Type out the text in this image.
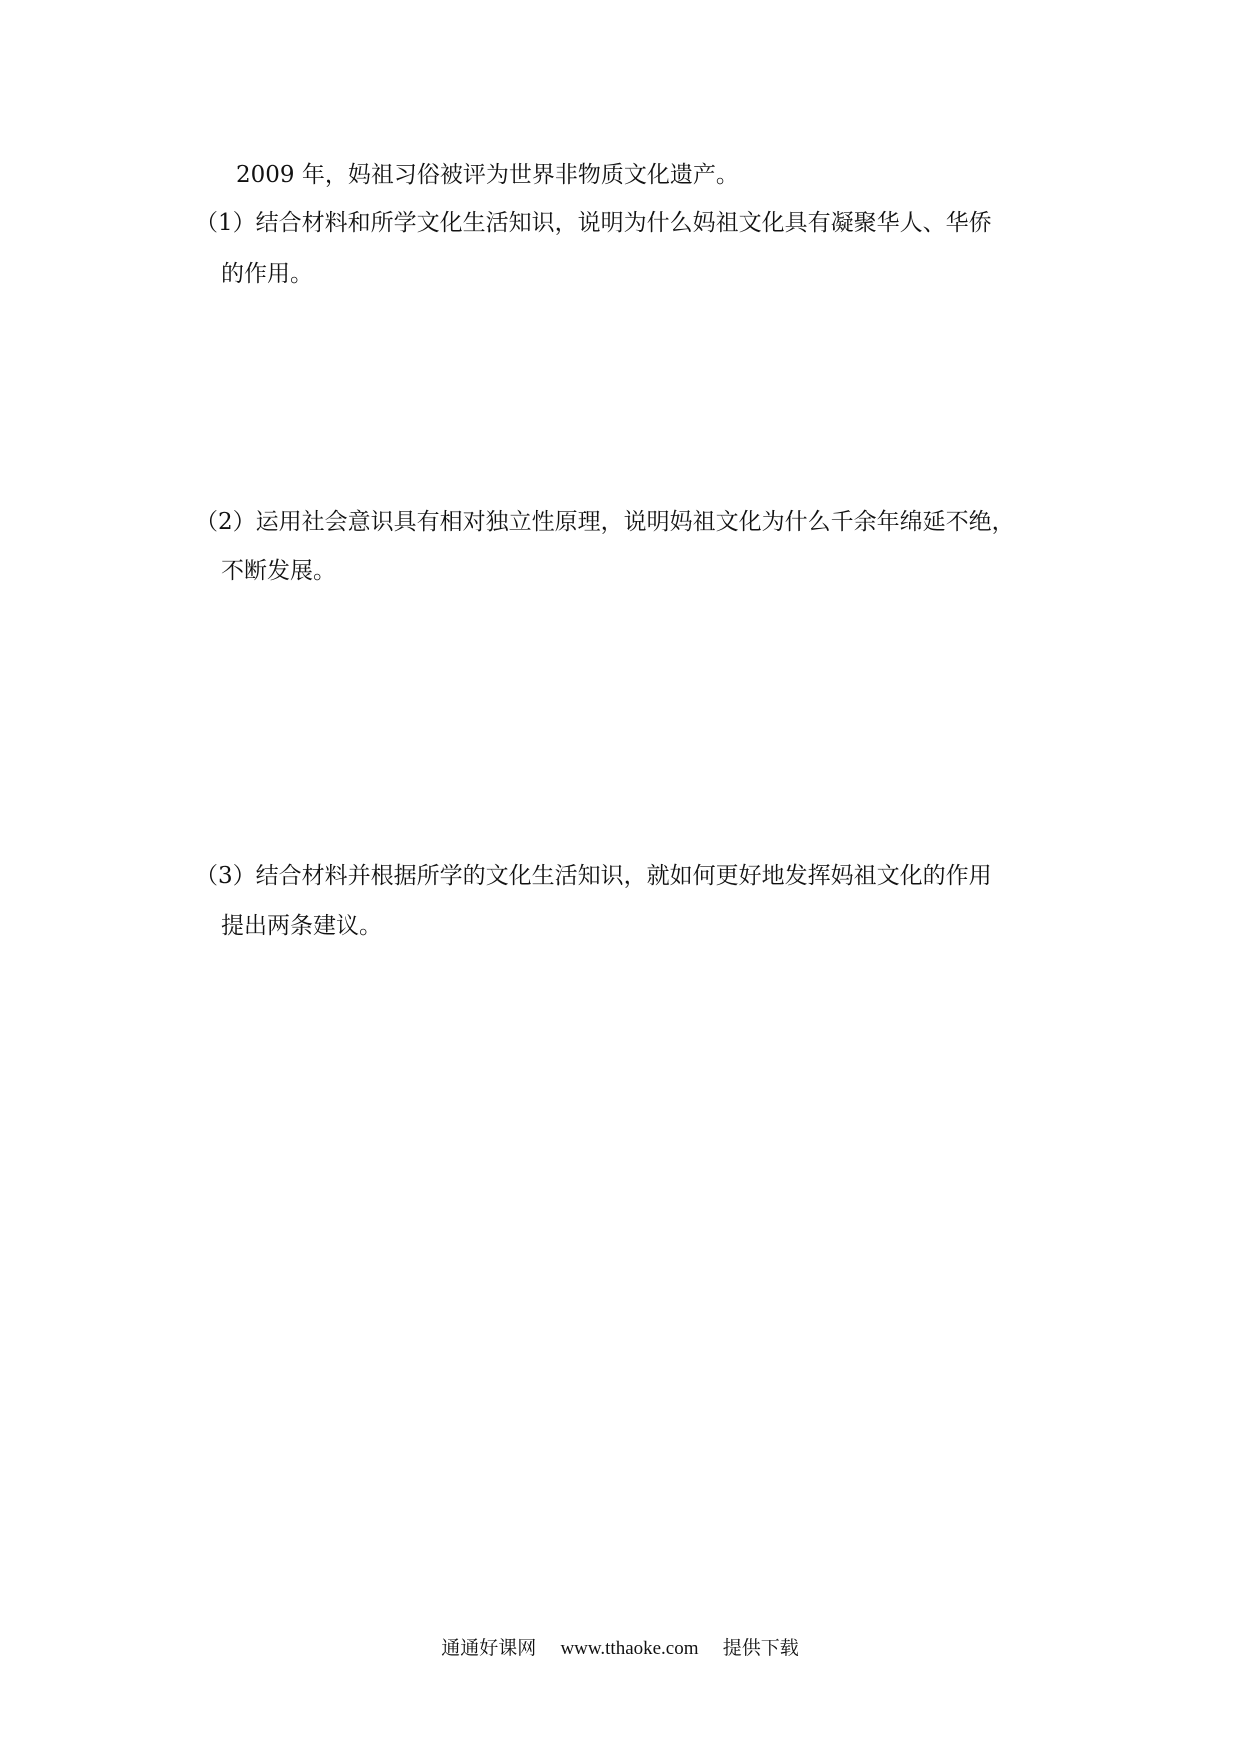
2009 年，妈祖习俗被评为世界非物质文化遗产。
（1）结合材料和所学文化生活知识，说明为什么妈祖文化具有凝聚华人、华侨
的作用。
（2）运用社会意识具有相对独立性原理，说明妈祖文化为什么千余年绵延不绝，
不断发展。
（3）结合材料并根据所学的文化生活知识，就如何更好地发挥妈祖文化的作用
提出两条建议。
通通好课网 www.tthaoke.com 提供下载
